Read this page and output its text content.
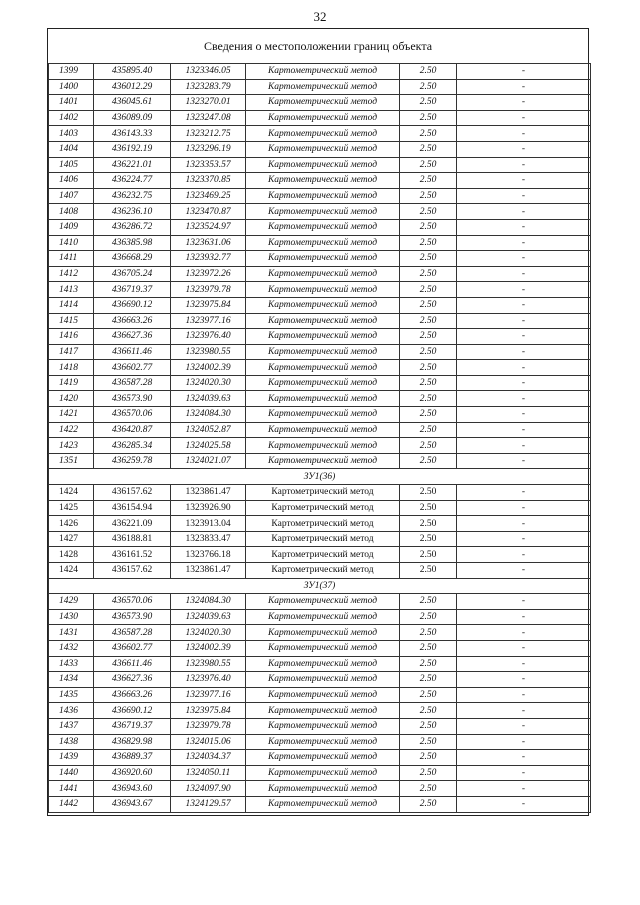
32
Сведения о местоположении границ объекта
1399	435895.40	1323346.05	Картометрический метод	2.50	-
1400	436012.29	1323283.79	Картометрический метод	2.50	-
1401	436045.61	1323270.01	Картометрический метод	2.50	-
1402	436089.09	1323247.08	Картометрический метод	2.50	-
1403	436143.33	1323212.75	Картометрический метод	2.50	-
1404	436192.19	1323296.19	Картометрический метод	2.50	-
1405	436221.01	1323353.57	Картометрический метод	2.50	-
1406	436224.77	1323370.85	Картометрический метод	2.50	-
1407	436232.75	1323469.25	Картометрический метод	2.50	-
1408	436236.10	1323470.87	Картометрический метод	2.50	-
1409	436286.72	1323524.97	Картометрический метод	2.50	-
1410	436385.98	1323631.06	Картометрический метод	2.50	-
1411	436668.29	1323932.77	Картометрический метод	2.50	-
1412	436705.24	1323972.26	Картометрический метод	2.50	-
1413	436719.37	1323979.78	Картометрический метод	2.50	-
1414	436690.12	1323975.84	Картометрический метод	2.50	-
1415	436663.26	1323977.16	Картометрический метод	2.50	-
1416	436627.36	1323976.40	Картометрический метод	2.50	-
1417	436611.46	1323980.55	Картометрический метод	2.50	-
1418	436602.77	1324002.39	Картометрический метод	2.50	-
1419	436587.28	1324020.30	Картометрический метод	2.50	-
1420	436573.90	1324039.63	Картометрический метод	2.50	-
1421	436570.06	1324084.30	Картометрический метод	2.50	-
1422	436420.87	1324052.87	Картометрический метод	2.50	-
1423	436285.34	1324025.58	Картометрический метод	2.50	-
1351	436259.78	1324021.07	Картометрический метод	2.50	-
ЗУ1(36)					
1424	436157.62	1323861.47	Картометрический метод	2.50	-
1425	436154.94	1323926.90	Картометрический метод	2.50	-
1426	436221.09	1323913.04	Картометрический метод	2.50	-
1427	436188.81	1323833.47	Картометрический метод	2.50	-
1428	436161.52	1323766.18	Картометрический метод	2.50	-
1424	436157.62	1323861.47	Картометрический метод	2.50	-
ЗУ1(37)					
1429	436570.06	1324084.30	Картометрический метод	2.50	-
1430	436573.90	1324039.63	Картометрический метод	2.50	-
1431	436587.28	1324020.30	Картометрический метод	2.50	-
1432	436602.77	1324002.39	Картометрический метод	2.50	-
1433	436611.46	1323980.55	Картометрический метод	2.50	-
1434	436627.36	1323976.40	Картометрический метод	2.50	-
1435	436663.26	1323977.16	Картометрический метод	2.50	-
1436	436690.12	1323975.84	Картометрический метод	2.50	-
1437	436719.37	1323979.78	Картометрический метод	2.50	-
1438	436829.98	1324015.06	Картометрический метод	2.50	-
1439	436889.37	1324034.37	Картометрический метод	2.50	-
1440	436920.60	1324050.11	Картометрический метод	2.50	-
1441	436943.60	1324097.90	Картометрический метод	2.50	-
1442	436943.67	1324129.57	Картометрический метод	2.50	-
